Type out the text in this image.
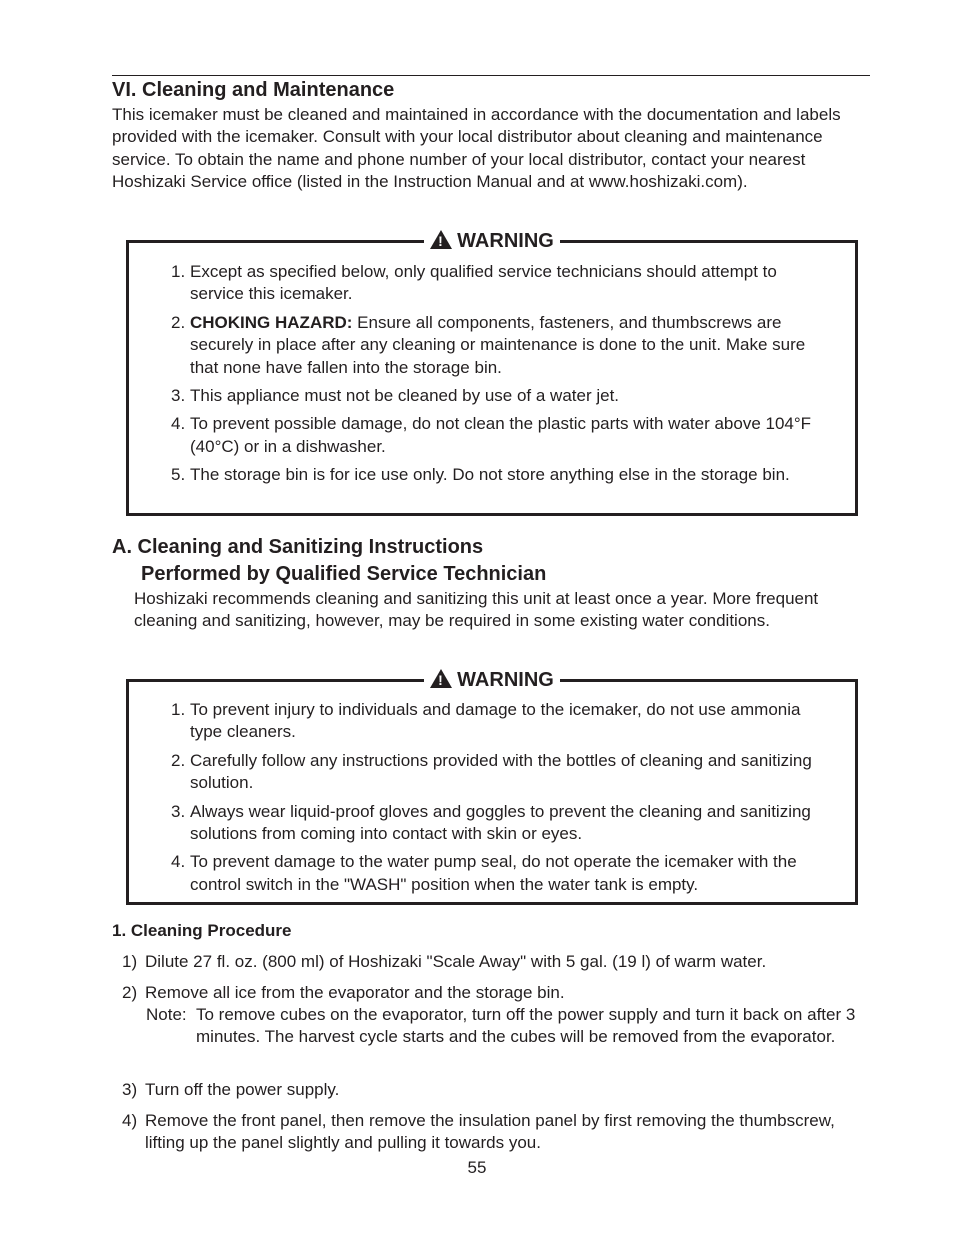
VI. Cleaning and Maintenance
This icemaker must be cleaned and maintained in accordance with the documentation and labels provided with the icemaker. Consult with your local distributor about cleaning and maintenance service. To obtain the name and phone number of your local distributor, contact your nearest Hoshizaki Service office (listed in the Instruction Manual and at www.hoshizaki.com).
!WARNING
1. Except as specified below, only qualified service technicians should attempt to service this icemaker.
2. CHOKING HAZARD: Ensure all components, fasteners, and thumbscrews are securely in place after any cleaning or maintenance is done to the unit. Make sure that none have fallen into the storage bin.
3. This appliance must not be cleaned by use of a water jet.
4. To prevent possible damage, do not clean the plastic parts with water above 104°F (40°C) or in a dishwasher.
5. The storage bin is for ice use only. Do not store anything else in the storage bin.
A. Cleaning and Sanitizing Instructions
Performed by Qualified Service Technician
Hoshizaki recommends cleaning and sanitizing this unit at least once a year. More frequent cleaning and sanitizing, however, may be required in some existing water conditions.
!WARNING
1. To prevent injury to individuals and damage to the icemaker, do not use ammonia type cleaners.
2. Carefully follow any instructions provided with the bottles of cleaning and sanitizing solution.
3. Always wear liquid-proof gloves and goggles to prevent the cleaning and sanitizing solutions from coming into contact with skin or eyes.
4. To prevent damage to the water pump seal, do not operate the icemaker with the control switch in the "WASH" position when the water tank is empty.
1. Cleaning Procedure
1) Dilute 27 fl. oz. (800 ml) of Hoshizaki "Scale Away" with 5 gal. (19 l) of warm water.
2) Remove all ice from the evaporator and the storage bin.
Note: To remove cubes on the evaporator, turn off the power supply and turn it back on after 3 minutes. The harvest cycle starts and the cubes will be removed from the evaporator.
3) Turn off the power supply.
4) Remove the front panel, then remove the insulation panel by first removing the thumbscrew, lifting up the panel slightly and pulling it towards you.
55
